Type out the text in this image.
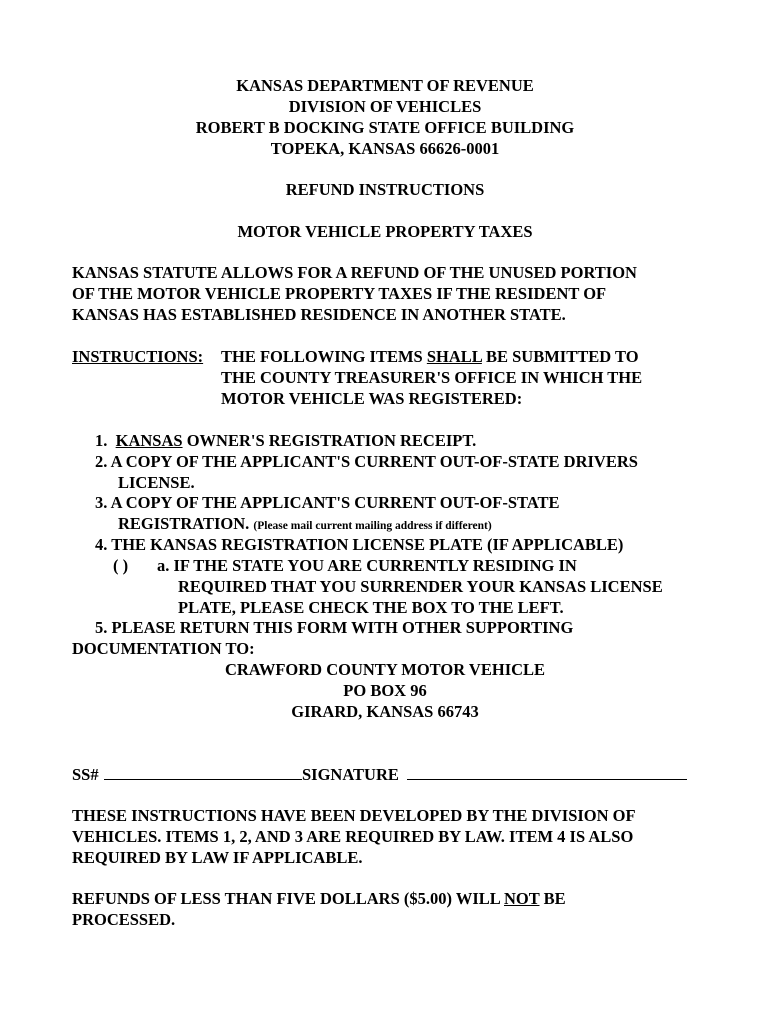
KANSAS DEPARTMENT OF REVENUE
DIVISION OF VEHICLES
ROBERT B DOCKING STATE OFFICE BUILDING
TOPEKA, KANSAS 66626-0001
REFUND INSTRUCTIONS
MOTOR VEHICLE PROPERTY TAXES
KANSAS STATUTE ALLOWS FOR A REFUND OF THE UNUSED PORTION
OF THE MOTOR VEHICLE PROPERTY TAXES IF THE RESIDENT OF
KANSAS HAS ESTABLISHED RESIDENCE IN ANOTHER STATE.
INSTRUCTIONS: THE FOLLOWING ITEMS SHALL BE SUBMITTED TO
THE COUNTY TREASURER'S OFFICE IN WHICH THE
MOTOR VEHICLE WAS REGISTERED:
1. KANSAS OWNER'S REGISTRATION RECEIPT.
2. A COPY OF THE APPLICANT'S CURRENT OUT-OF-STATE DRIVERS
LICENSE.
3. A COPY OF THE APPLICANT'S CURRENT OUT-OF-STATE
REGISTRATION. (Please mail current mailing address if different)
4. THE KANSAS REGISTRATION LICENSE PLATE (IF APPLICABLE)
( ) a. IF THE STATE YOU ARE CURRENTLY RESIDING IN
REQUIRED THAT YOU SURRENDER YOUR KANSAS LICENSE
PLATE, PLEASE CHECK THE BOX TO THE LEFT.
5. PLEASE RETURN THIS FORM WITH OTHER SUPPORTING
DOCUMENTATION TO:
CRAWFORD COUNTY MOTOR VEHICLE
PO BOX 96
GIRARD, KANSAS 66743
SS#	SIGNATURE
THESE INSTRUCTIONS HAVE BEEN DEVELOPED BY THE DIVISION OF
VEHICLES. ITEMS 1, 2, AND 3 ARE REQUIRED BY LAW. ITEM 4 IS ALSO
REQUIRED BY LAW IF APPLICABLE.
REFUNDS OF LESS THAN FIVE DOLLARS ($5.00) WILL NOT BE
PROCESSED.
